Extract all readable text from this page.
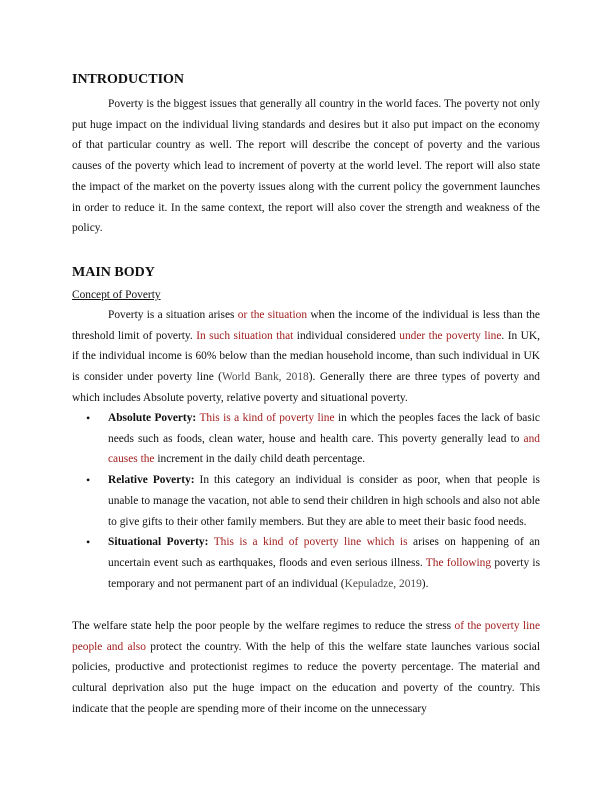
INTRODUCTION

Poverty is the biggest issues that generally all country in the world faces. The poverty not only put huge impact on the individual living standards and desires but it also put impact on the economy of that particular country as well. The report will describe the concept of poverty and the various causes of the poverty which lead to increment of poverty at the world level. The report will also state the impact of the market on the poverty issues along with the current policy the government launches in order to reduce it. In the same context, the report will also cover the strength and weakness of the policy.

MAIN BODY

Concept of Poverty

Poverty is a situation arises or the situation when the income of the individual is less than the threshold limit of poverty. In such situation that individual considered under the poverty line. In UK, if the individual income is 60% below than the median household income, than such individual in UK is consider under poverty line (World Bank, 2018). Generally there are three types of poverty and which includes Absolute poverty, relative poverty and situational poverty.

• Absolute Poverty: This is a kind of poverty line in which the peoples faces the lack of basic needs such as foods, clean water, house and health care. This poverty generally lead to and causes the increment in the daily child death percentage.
• Relative Poverty: In this category an individual is consider as poor, when that people is unable to manage the vacation, not able to send their children in high schools and also not able to give gifts to their other family members. But they are able to meet their basic food needs.
• Situational Poverty: This is a kind of poverty line which is arises on happening of an uncertain event such as earthquakes, floods and even serious illness. The following poverty is temporary and not permanent part of an individual (Kepuladze, 2019).

The welfare state help the poor people by the welfare regimes to reduce the stress of the poverty line people and also protect the country. With the help of this the welfare state launches various social policies, productive and protectionist regimes to reduce the poverty percentage. The material and cultural deprivation also put the huge impact on the education and poverty of the country. This indicate that the people are spending more of their income on the unnecessary
